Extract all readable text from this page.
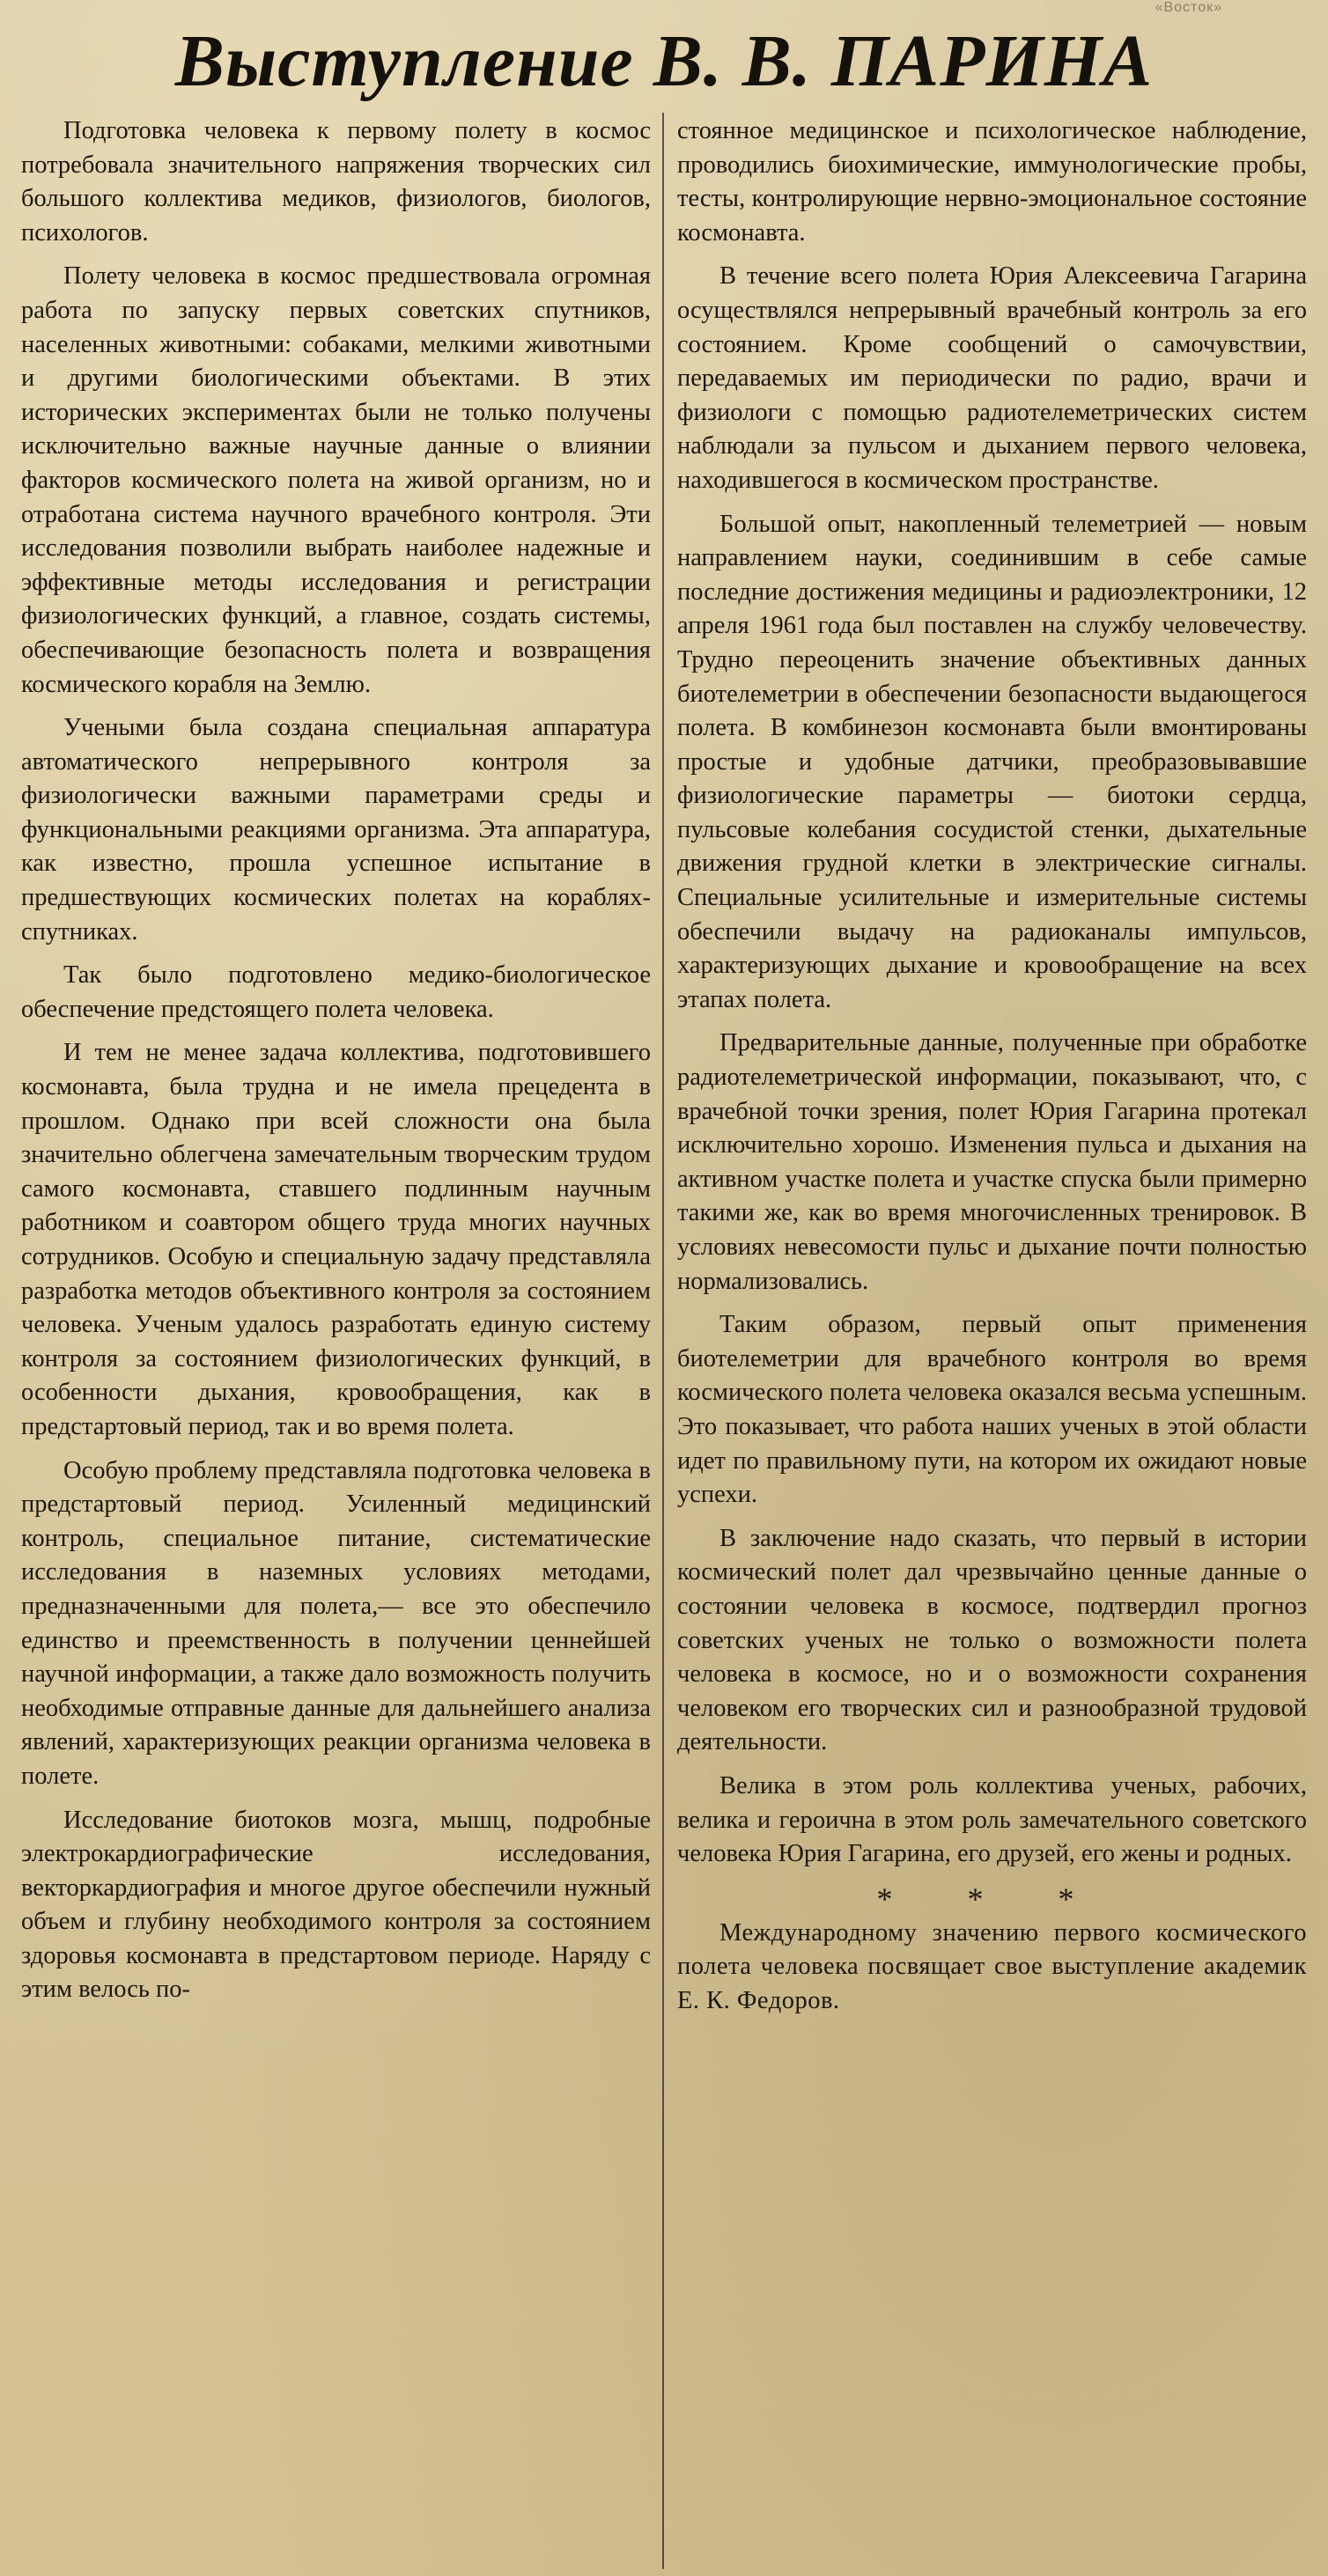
«Восток»
Выступление В. В. ПАРИНА

Подготовка человека к первому полету в космос потребовала значительного напряжения творческих сил большого коллектива медиков, физиологов, биологов, психологов.

Полету человека в космос предшествовала огромная работа по запуску первых советских спутников, населенных животными: собаками, мелкими животными и другими биологическими объектами. В этих исторических экспериментах были не только получены исключительно важные научные данные о влиянии факторов космического полета на живой организм, но и отработана система научного врачебного контроля. Эти исследования позволили выбрать наиболее надежные и эффективные методы исследования и регистрации физиологических функций, а главное, создать системы, обеспечивающие безопасность полета и возвращения космического корабля на Землю.

Учеными была создана специальная аппаратура автоматического непрерывного контроля за физиологически важными параметрами среды и функциональными реакциями организма. Эта аппаратура, как известно, прошла успешное испытание в предшествующих космических полетах на кораблях-спутниках.

Так было подготовлено медико-биологическое обеспечение предстоящего полета человека.

И тем не менее задача коллектива, подготовившего космонавта, была трудна и не имела прецедента в прошлом. Однако при всей сложности она была значительно облегчена замечательным творческим трудом самого космонавта, ставшего подлинным научным работником и соавтором общего труда многих научных сотрудников. Особую и специальную задачу представляла разработка методов объективного контроля за состоянием человека. Ученым удалось разработать единую систему контроля за состоянием физиологических функций, в особенности дыхания, кровообращения, как в предстартовый период, так и во время полета.

Особую проблему представляла подготовка человека в предстартовый период. Усиленный медицинский контроль, специальное питание, систематические исследования в наземных условиях методами, предназначенными для полета,— все это обеспечило единство и преемственность в получении ценнейшей научной информации, а также дало возможность получить необходимые отправные данные для дальнейшего анализа явлений, характеризующих реакции организма человека в полете.

Исследование биотоков мозга, мышц, подробные электрокардиографические исследования, векторкардиография и многое другое обеспечили нужный объем и глубину необходимого контроля за состоянием здоровья космонавта в предстартовом периоде. Наряду с этим велось по-

стоянное медицинское и психологическое наблюдение, проводились биохимические, иммунологические пробы, тесты, контролирующие нервно-эмоциональное состояние космонавта.

В течение всего полета Юрия Алексеевича Гагарина осуществлялся непрерывный врачебный контроль за его состоянием. Кроме сообщений о самочувствии, передаваемых им периодически по радио, врачи и физиологи с помощью радиотелеметрических систем наблюдали за пульсом и дыханием первого человека, находившегося в космическом пространстве.

Большой опыт, накопленный телеметрией — новым направлением науки, соединившим в себе самые последние достижения медицины и радиоэлектроники, 12 апреля 1961 года был поставлен на службу человечеству. Трудно переоценить значение объективных данных биотелеметрии в обеспечении безопасности выдающегося полета. В комбинезон космонавта были вмонтированы простые и удобные датчики, преобразовывавшие физиологические параметры — биотоки сердца, пульсовые колебания сосудистой стенки, дыхательные движения грудной клетки в электрические сигналы. Специальные усилительные и измерительные системы обеспечили выдачу на радиоканалы импульсов, характеризующих дыхание и кровообращение на всех этапах полета.

Предварительные данные, полученные при обработке радиотелеметрической информации, показывают, что, с врачебной точки зрения, полет Юрия Гагарина протекал исключительно хорошо. Изменения пульса и дыхания на активном участке полета и участке спуска были примерно такими же, как во время многочисленных тренировок. В условиях невесомости пульс и дыхание почти полностью нормализовались.

Таким образом, первый опыт применения биотелеметрии для врачебного контроля во время космического полета человека оказался весьма успешным. Это показывает, что работа наших ученых в этой области идет по правильному пути, на котором их ожидают новые успехи.

В заключение надо сказать, что первый в истории космический полет дал чрезвычайно ценные данные о состоянии человека в космосе, подтвердил прогноз советских ученых не только о возможности полета человека в космосе, но и о возможности сохранения человеком его творческих сил и разнообразной трудовой деятельности.

Велика в этом роль коллектива ученых, рабочих, велика и героична в этом роль замечательного советского человека Юрия Гагарина, его друзей, его жены и родных.

* * *

Международному значению первого космического полета человека посвящает свое выступление академик Е. К. Федоров.
